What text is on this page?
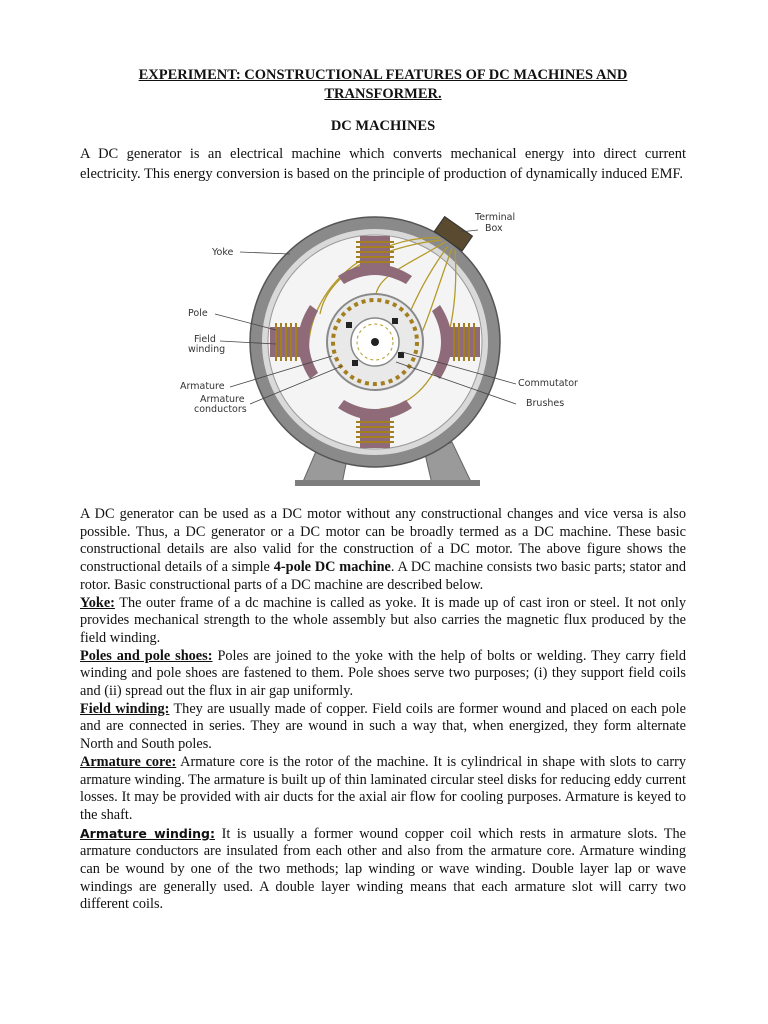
EXPERIMENT: CONSTRUCTIONAL FEATURES OF DC MACHINES AND TRANSFORMER.
DC MACHINES

A DC generator is an electrical machine which converts mechanical energy into direct current electricity. This energy conversion is based on the principle of production of dynamically induced EMF.

Yoke
Terminal
Box
Pole
Field
winding
Armature
Armature
conductors
Commutator
Brushes

A DC generator can be used as a DC motor without any constructional changes and vice versa is also possible. Thus, a DC generator or a DC motor can be broadly termed as a DC machine. These basic constructional details are also valid for the construction of a DC motor. The above figure shows the constructional details of a simple 4-pole DC machine. A DC machine consists two basic parts; stator and rotor. Basic constructional parts of a DC machine are described below.

Yoke: The outer frame of a dc machine is called as yoke. It is made up of cast iron or steel. It not only provides mechanical strength to the whole assembly but also carries the magnetic flux produced by the field winding.

Poles and pole shoes: Poles are joined to the yoke with the help of bolts or welding. They carry field winding and pole shoes are fastened to them. Pole shoes serve two purposes; (i) they support field coils and (ii) spread out the flux in air gap uniformly.

Field winding: They are usually made of copper. Field coils are former wound and placed on each pole and are connected in series. They are wound in such a way that, when energized, they form alternate North and South poles.

Armature core: Armature core is the rotor of the machine. It is cylindrical in shape with slots to carry armature winding. The armature is built up of thin laminated circular steel disks for reducing eddy current losses. It may be provided with air ducts for the axial air flow for cooling purposes. Armature is keyed to the shaft.

Armature winding: It is usually a former wound copper coil which rests in armature slots. The armature conductors are insulated from each other and also from the armature core. Armature winding can be wound by one of the two methods; lap winding or wave winding. Double layer lap or wave windings are generally used. A double layer winding means that each armature slot will carry two different coils.
